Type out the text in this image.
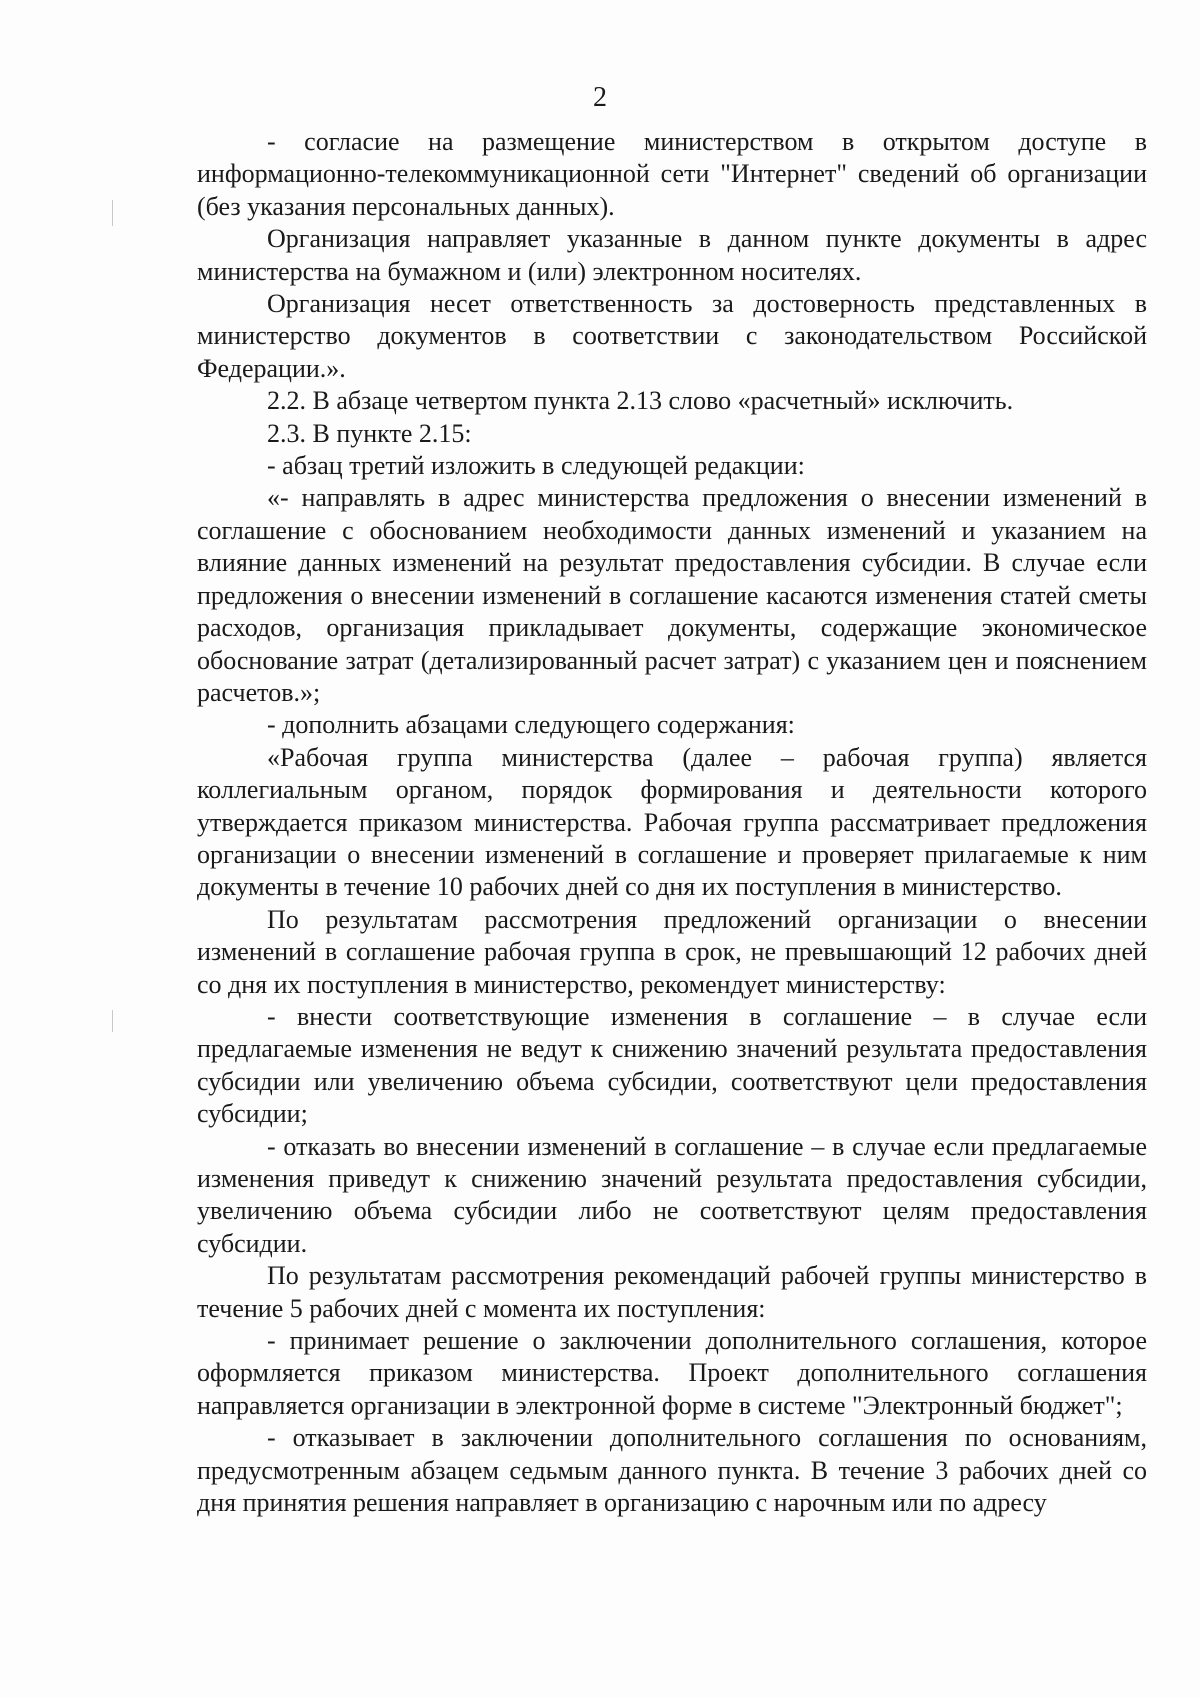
2

- согласие на размещение министерством в открытом доступе в информационно-телекоммуникационной сети "Интернет" сведений об организации (без указания персональных данных).

Организация направляет указанные в данном пункте документы в адрес министерства на бумажном и (или) электронном носителях.

Организация несет ответственность за достоверность представленных в министерство документов в соответствии с законодательством Российской Федерации.».

2.2. В абзаце четвертом пункта 2.13 слово «расчетный» исключить.

2.3. В пункте 2.15:

- абзац третий изложить в следующей редакции:

«- направлять в адрес министерства предложения о внесении изменений в соглашение с обоснованием необходимости данных изменений и указанием на влияние данных изменений на результат предоставления субсидии. В случае если предложения о внесении изменений в соглашение касаются изменения статей сметы расходов, организация прикладывает документы, содержащие экономическое обоснование затрат (детализированный расчет затрат) с указанием цен и пояснением расчетов.»;

- дополнить абзацами следующего содержания:

«Рабочая группа министерства (далее – рабочая группа) является коллегиальным органом, порядок формирования и деятельности которого утверждается приказом министерства. Рабочая группа рассматривает предложения организации о внесении изменений в соглашение и проверяет прилагаемые к ним документы в течение 10 рабочих дней со дня их поступления в министерство.

По результатам рассмотрения предложений организации о внесении изменений в соглашение рабочая группа в срок, не превышающий 12 рабочих дней со дня их поступления в министерство, рекомендует министерству:

- внести соответствующие изменения в соглашение – в случае если предлагаемые изменения не ведут к снижению значений результата предоставления субсидии или увеличению объема субсидии, соответствуют цели предоставления субсидии;

- отказать во внесении изменений в соглашение – в случае если предлагаемые изменения приведут к снижению значений результата предоставления субсидии, увеличению объема субсидии либо не соответствуют целям предоставления субсидии.

По результатам рассмотрения рекомендаций рабочей группы министерство в течение 5 рабочих дней с момента их поступления:

- принимает решение о заключении дополнительного соглашения, которое оформляется приказом министерства. Проект дополнительного соглашения направляется организации в электронной форме в системе "Электронный бюджет";

- отказывает в заключении дополнительного соглашения по основаниям, предусмотренным абзацем седьмым данного пункта. В течение 3 рабочих дней со дня принятия решения направляет в организацию с нарочным или по адресу
